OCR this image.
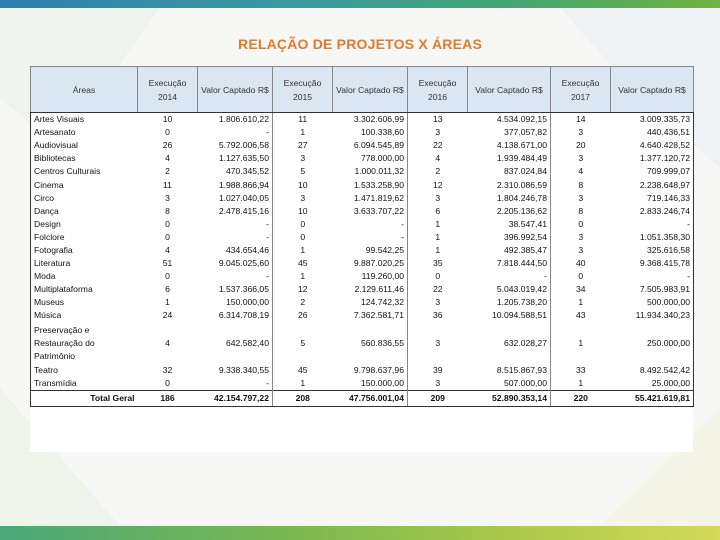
RELAÇÃO DE PROJETOS X ÁREAS
Áreas	Execução 2014	Valor Captado R$	Execução 2015	Valor Captado R$	Execução 2016	Valor Captado R$	Execução 2017	Valor Captado R$
Artes Visuais	10	1.806.610,22	11	3.302.606,99	13	4.534.092,15	14	3.009.335,73
Artesanato	0	-	1	100.338,60	3	377.057,82	3	440.436,51
Audiovisual	26	5.792.006,58	27	6.094.545,89	22	4.138.671,00	20	4.640.428,52
Bibliotecas	4	1.127.635,50	3	778.000,00	4	1.939.484,49	3	1.377.120,72
Centros Culturais	2	470.345,52	5	1.000.011,32	2	837.024,84	4	709.999,07
Cinema	11	1.988.866,94	10	1.533.258,90	12	2.310.086,59	8	2.238.648,97
Circo	3	1.027.040,05	3	1.471.819,62	3	1.804.246,78	3	719.146,33
Dança	8	2.478.415,16	10	3.633.707,22	6	2.205.136,62	8	2.833.246,74
Design	0	-	0	-	1	38.547,41	0	-
Folclore	0	-	0	-	1	396.992,54	3	1.051.358,30
Fotografia	4	434.654,46	1	99.542,25	1	492.385,47	3	325.616,58
Literatura	51	9.045.025,60	45	9.887.020,25	35	7.818.444,50	40	9.368.415,78
Moda	0	-	1	119.260,00	0	-	0	-
Multiplataforma	6	1.537.366,05	12	2.129.611,46	22	5.043.019,42	34	7.505.983,91
Museus	1	150.000,00	2	124.742,32	3	1.205.738,20	1	500.000,00
Música	24	6.314.708,19	26	7.362.581,71	36	10.094.588,51	43	11.934.340,23
Preservação e Restauração do Patrimônio	4	642.582,40	5	560.836,55	3	632.028,27	1	250.000,00
Teatro	32	9.338.340,55	45	9.798.637,96	39	8.515.867,93	33	8.492.542,42
Transmídia	0	-	1	150.000,00	3	507.000,00	1	25.000,00
Total Geral	186	42.154.797,22	208	47.756.001,04	209	52.890.353,14	220	55.421.619,81
